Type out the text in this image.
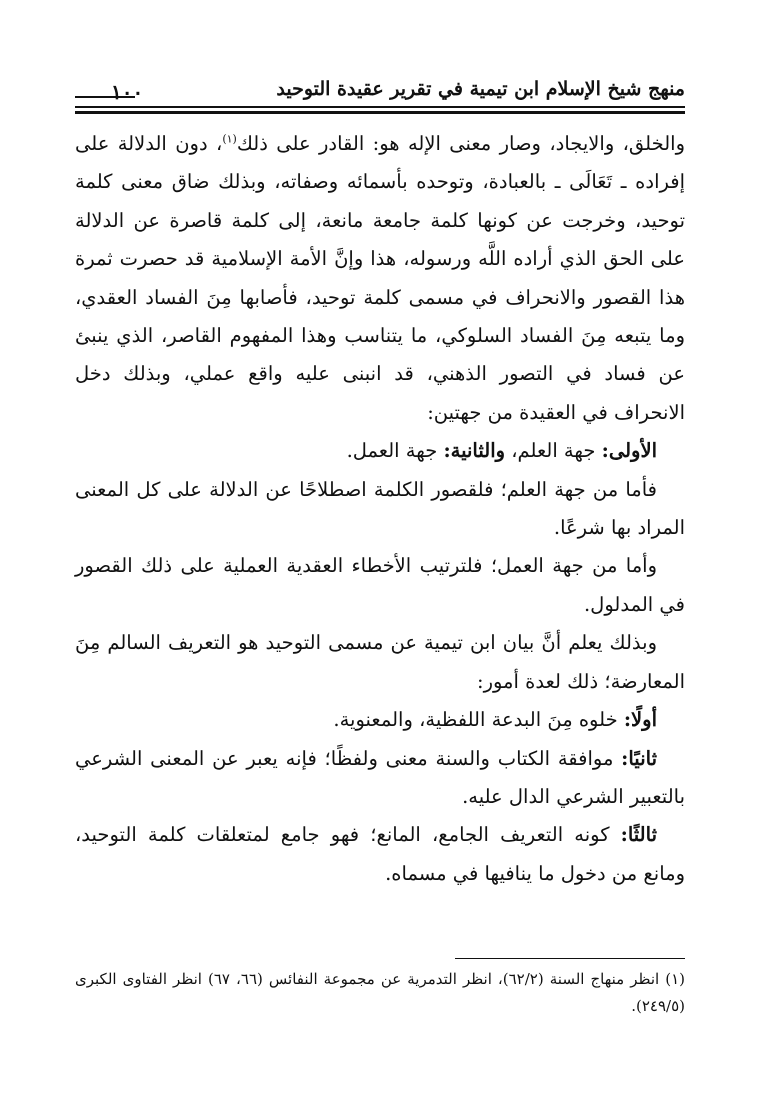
منهج شيخ الإسلام ابن تيمية في تقرير عقيدة التوحيد
١٠٠

والخلق، والايجاد، وصار معنى الإله هو: القادر على ذلك$^{(١)}$، دون الدلالة على إفراده ـ تَعَالَى ـ بالعبادة، وتوحده بأسمائه وصفاته، وبذلك ضاق معنى كلمة توحيد، وخرجت عن كونها كلمة جامعة مانعة، إلى كلمة قاصرة عن الدلالة على الحق الذي أراده اللَّه ورسوله، هذا وإنَّ الأمة الإسلامية قد حصرت ثمرة هذا القصور والانحراف في مسمى كلمة توحيد، فأصابها مِنَ الفساد العقدي، وما يتبعه مِنَ الفساد السلوكي، ما يتناسب وهذا المفهوم القاصر، الذي ينبئ عن فساد في التصور الذهني، قد انبنى عليه واقع عملي، وبذلك دخل الانحراف في العقيدة من جهتين:

الأولى: جهة العلم، والثانية: جهة العمل.

فأما من جهة العلم؛ فلقصور الكلمة اصطلاحًا عن الدلالة على كل المعنى المراد بها شرعًا.

وأما من جهة العمل؛ فلترتيب الأخطاء العقدية العملية على ذلك القصور في المدلول.

وبذلك يعلم أنَّ بيان ابن تيمية عن مسمى التوحيد هو التعريف السالم مِنَ المعارضة؛ ذلك لعدة أمور:

أولًا: خلوه مِنَ البدعة اللفظية، والمعنوية.

ثانيًا: موافقة الكتاب والسنة معنى ولفظًا؛ فإنه يعبر عن المعنى الشرعي بالتعبير الشرعي الدال عليه.

ثالثًا: كونه التعريف الجامع، المانع؛ فهو جامع لمتعلقات كلمة التوحيد، ومانع من دخول ما ينافيها في مسماه.

(١) انظر منهاج السنة (٦٢/٢)، انظر التدمرية عن مجموعة النفائس (٦٦، ٦٧) انظر الفتاوى الكبرى (٢٤٩/٥).
